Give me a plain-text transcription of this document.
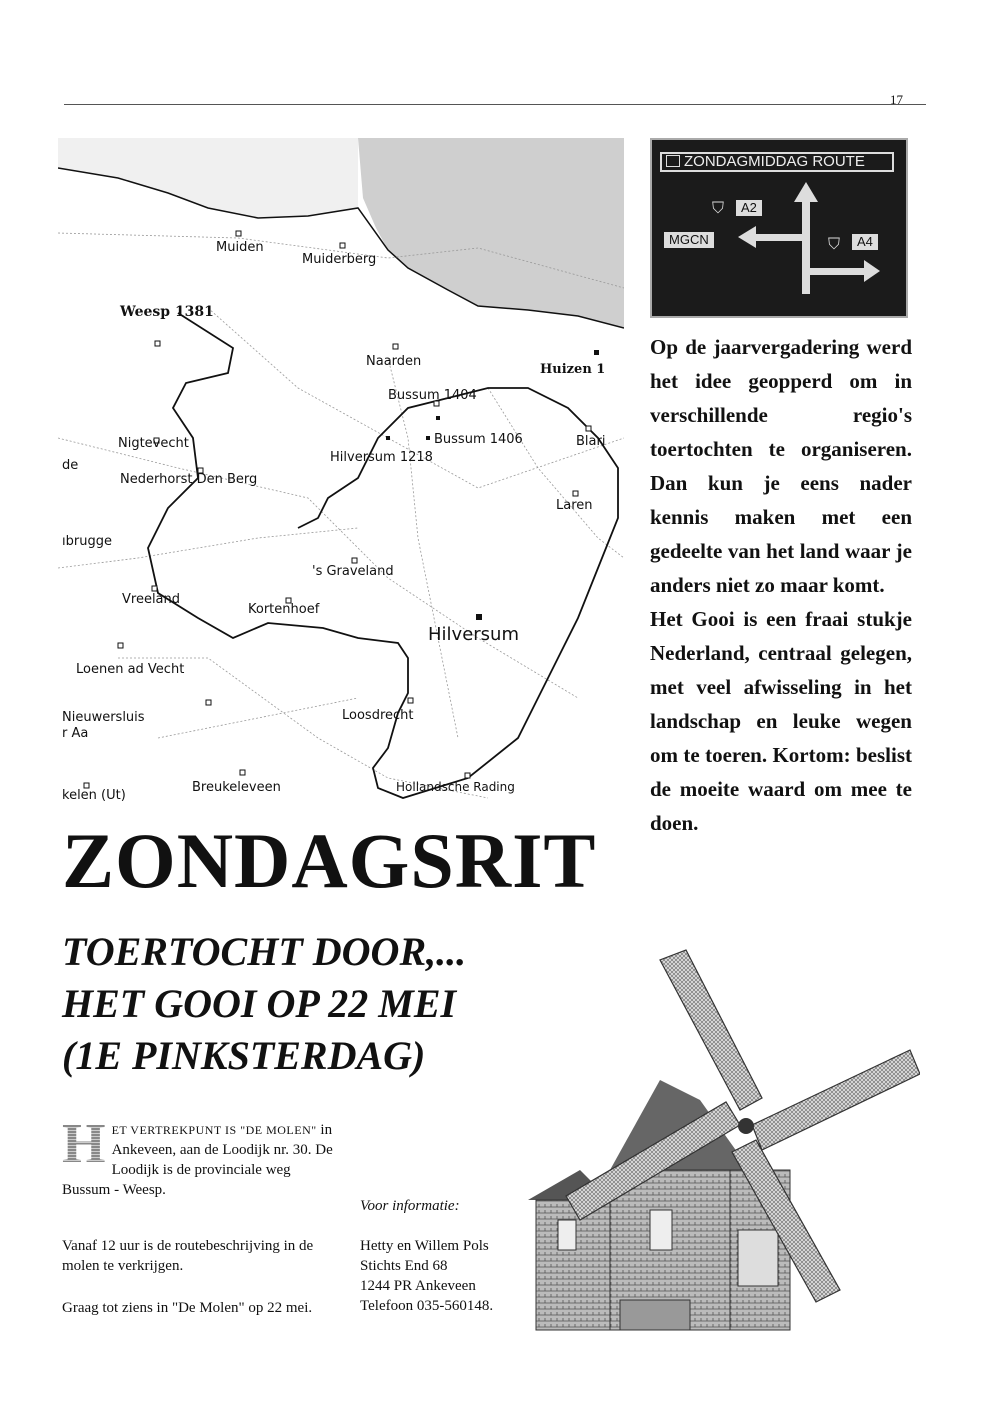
17
Muiden
Muiderberg
Weesp 1381
Naarden
Huizen 1
Bussum 1404
Bussum 1406	Blari
Hilversum 1218
Nigtevecht
de
Nederhorst Den Berg
Laren
ıbrugge
's Graveland
Vreeland
Kortenhoef
Hilversum
Loenen ad Vecht
Nieuwersluis
r Aa
Loosdrecht
kelen (Ut)
Breukeleveen	Hollandsche Rading
A2
⛉
MGCN	⛉	A4
ZONDAGMIDDAG ROUTE

Op de jaarvergadering werd het idee geopperd om in verschillende regio's toertochten te organiseren. Dan kun je eens nader kennis maken met een gedeelte van het land waar je anders niet zo maar komt.

Het Gooi is een fraai stukje Nederland, centraal gelegen, met veel afwisseling in het landschap en leuke wegen om te toeren. Kortom: beslist de moeite waard om mee te doen.

ZONDAGSRIT
TOERTOCHT DOOR,...
HET GOOI OP 22 MEI
(1E PINKSTERDAG)
H ET VERTREKPUNT IS "DE MOLEN" in Ankeveen, aan de Loodijk nr. 30. De Loodijk is de provinciale weg Bussum - Weesp.
Vanaf 12 uur is de routebeschrijving in de molen te verkrijgen.
Graag tot ziens in "De Molen" op 22 mei.
Voor informatie:
Hetty en Willem Pols
Stichts End 68
1244 PR Ankeveen
Telefoon 035-560148.
